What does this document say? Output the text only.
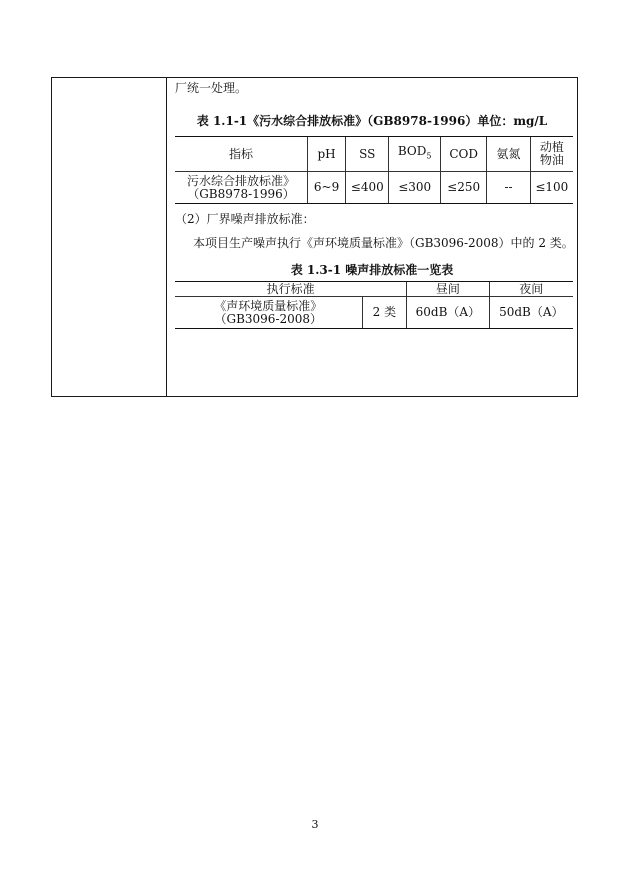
厂统一处理。
表 1.1-1《污水综合排放标准》（GB8978-1996）单位：mg/L
指标	pH	SS	$BOD_5$	COD	氨氮	动植
物油
污水综合排放标准》
（GB8978-1996）	6~9	≤400	≤300	≤250	--	≤100
（2）厂界噪声排放标准：
本项目生产噪声执行《声环境质量标准》（GB3096-2008）中的 2 类。
表 1.3-1 噪声排放标准一览表
执行标准		昼间	夜间
《声环境质量标准》
（GB3096-2008）	2 类	60dB（A）	50dB（A）
3
